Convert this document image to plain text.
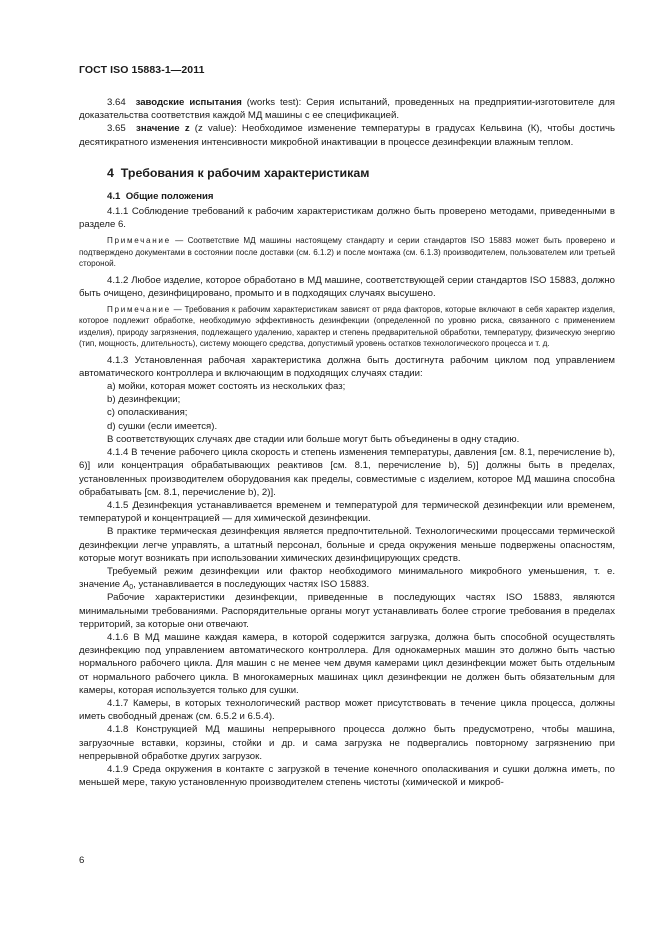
ГОСТ ISO 15883-1—2011

3.64 заводские испытания (works test): Серия испытаний, проведенных на предприятии-изготовителе для доказательства соответствия каждой МД машины с ее спецификацией.

3.65 значение z (z value): Необходимое изменение температуры в градусах Кельвина (К), чтобы достичь десятикратного изменения интенсивности микробной инактивации в процессе дезинфекции влажным теплом.

4 Требования к рабочим характеристикам
4.1 Общие положения

4.1.1 Соблюдение требований к рабочим характеристикам должно быть проверено методами, приведенными в разделе 6.

Примечание — Соответствие МД машины настоящему стандарту и серии стандартов ISO 15883 может быть проверено и подтверждено документами в состоянии после доставки (см. 6.1.2) и после монтажа (см. 6.1.3) производителем, пользователем или третьей стороной.

4.1.2 Любое изделие, которое обработано в МД машине, соответствующей серии стандартов ISO 15883, должно быть очищено, дезинфицировано, промыто и в подходящих случаях высушено.

Примечание — Требования к рабочим характеристикам зависят от ряда факторов, которые включают в себя характер изделия, которое подлежит обработке, необходимую эффективность дезинфекции (определенной по уровню риска, связанного с применением изделия), природу загрязнения, подлежащего удалению, характер и степень предварительной обработки, температуру, физическую энергию (тип, мощность, длительность), систему моющего средства, допустимый уровень остатков технологического процесса и т. д.

4.1.3 Установленная рабочая характеристика должна быть достигнута рабочим циклом под управлением автоматического контроллера и включающим в подходящих случаях стадии:

a) мойки, которая может состоять из нескольких фаз;

b) дезинфекции;

c) ополаскивания;

d) сушки (если имеется).

В соответствующих случаях две стадии или больше могут быть объединены в одну стадию.

4.1.4 В течение рабочего цикла скорость и степень изменения температуры, давления [см. 8.1, перечисление b), 6)] или концентрация обрабатывающих реактивов [см. 8.1, перечисление b), 5)] должны быть в пределах, установленных производителем оборудования как пределы, совместимые с изделием, которое МД машина способна обрабатывать [см. 8.1, перечисление b), 2)].

4.1.5 Дезинфекция устанавливается временем и температурой для термической дезинфекции или временем, температурой и концентрацией — для химической дезинфекции.

В практике термическая дезинфекция является предпочтительной. Технологическими процессами термической дезинфекции легче управлять, а штатный персонал, больные и среда окружения меньше подвержены опасностям, которые могут возникать при использовании химических дезинфицирующих средств.

Требуемый режим дезинфекции или фактор необходимого минимального микробного уменьшения, т. е. значение $A_0$, устанавливается в последующих частях ISO 15883.

Рабочие характеристики дезинфекции, приведенные в последующих частях ISO 15883, являются минимальными требованиями. Распорядительные органы могут устанавливать более строгие требования в пределах территорий, за которые они отвечают.

4.1.6 В МД машине каждая камера, в которой содержится загрузка, должна быть способной осуществлять дезинфекцию под управлением автоматического контроллера. Для однокамерных машин это должно быть частью нормального рабочего цикла. Для машин с не менее чем двумя камерами цикл дезинфекции может быть отдельным от нормального рабочего цикла. В многокамерных машинах цикл дезинфекции не должен быть обязательным для камеры, которая используется только для сушки.

4.1.7 Камеры, в которых технологический раствор может присутствовать в течение цикла процесса, должны иметь свободный дренаж (см. 6.5.2 и 6.5.4).

4.1.8 Конструкцией МД машины непрерывного процесса должно быть предусмотрено, чтобы машина, загрузочные вставки, корзины, стойки и др. и сама загрузка не подвергались повторному загрязнению при непрерывной обработке других загрузок.

4.1.9 Среда окружения в контакте с загрузкой в течение конечного ополаскивания и сушки должна иметь, по меньшей мере, такую установленную производителем степень чистоты (химической и микроб-

6
